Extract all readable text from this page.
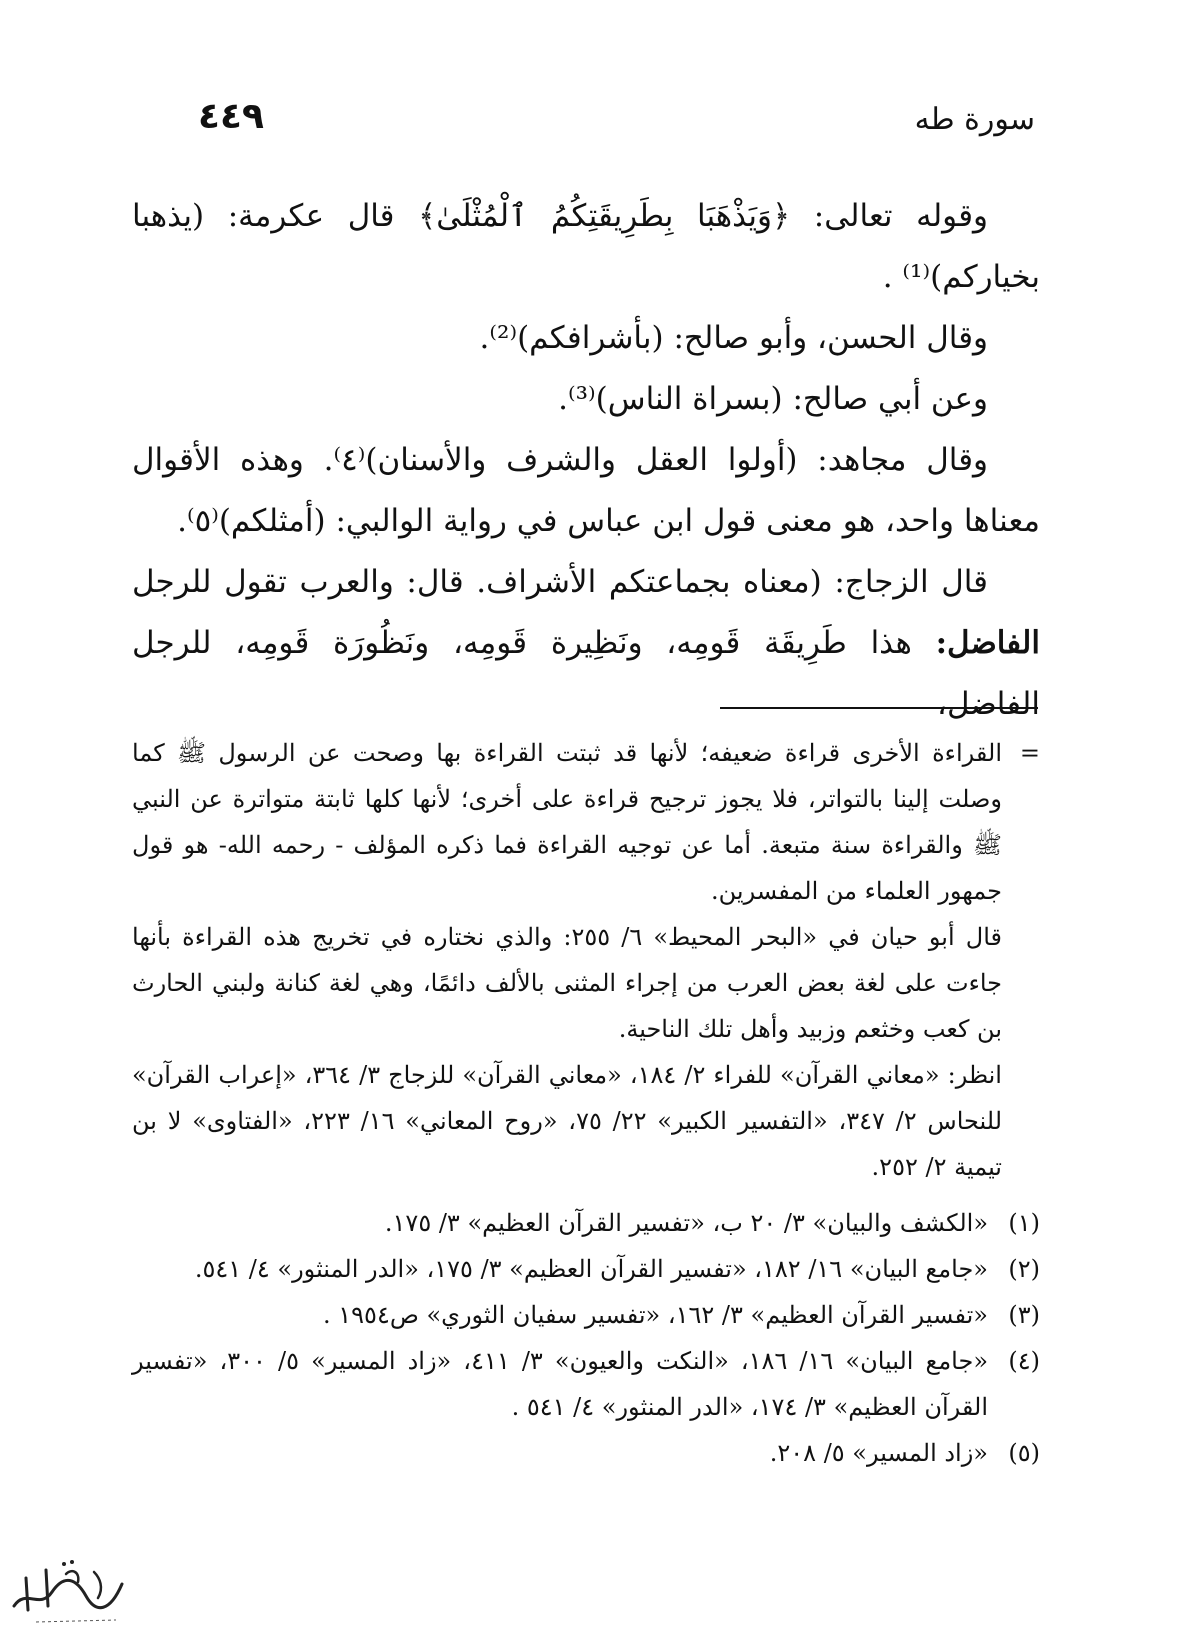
سورة طه
٤٤٩

وقوله تعالى: ﴿وَيَذْهَبَا بِطَرِيقَتِكُمُ ٱلْمُثْلَىٰ﴾ قال عكرمة: (يذهبا بخياركم)⁽¹⁾ .

وقال الحسن، وأبو صالح: (بأشرافكم)⁽²⁾.

وعن أبي صالح: (بسراة الناس)⁽³⁾.

وقال مجاهد: (أولوا العقل والشرف والأسنان)⁽٤⁾. وهذه الأقوال معناها واحد، هو معنى قول ابن عباس في رواية الوالبي: (أمثلكم)⁽٥⁾.

قال الزجاج: (معناه بجماعتكم الأشراف. قال: والعرب تقول للرجل الفاضل: هذا طَرِيقَة قَومِه، ونَظِيرة قَومِه، ونَظُورَة قَومِه، للرجل الفاضل،

=

القراءة الأخرى قراءة ضعيفه؛ لأنها قد ثبتت القراءة بها وصحت عن الرسول ﷺ كما وصلت إلينا بالتواتر، فلا يجوز ترجيح قراءة على أخرى؛ لأنها كلها ثابتة متواترة عن النبي ﷺ والقراءة سنة متبعة. أما عن توجيه القراءة فما ذكره المؤلف - رحمه الله- هو قول جمهور العلماء من المفسرين.

قال أبو حيان في «البحر المحيط» ٦/ ٢٥٥: والذي نختاره في تخريج هذه القراءة بأنها جاءت على لغة بعض العرب من إجراء المثنى بالألف دائمًا، وهي لغة كنانة ولبني الحارث بن كعب وخثعم وزبيد وأهل تلك الناحية.

انظر: «معاني القرآن» للفراء ٢/ ١٨٤، «معاني القرآن» للزجاج ٣/ ٣٦٤، «إعراب القرآن» للنحاس ٢/ ٣٤٧، «التفسير الكبير» ٢٢/ ٧٥، «روح المعاني» ١٦/ ٢٢٣، «الفتاوى» لا بن تيمية ٢/ ٢٥٢.

(١)
«الكشف والبيان» ٣/ ٢٠ ب، «تفسير القرآن العظيم» ٣/ ١٧٥.
(٢)
«جامع البيان» ١٦/ ١٨٢، «تفسير القرآن العظيم» ٣/ ١٧٥، «الدر المنثور» ٤/ ٥٤١.
(٣)
«تفسير القرآن العظيم» ٣/ ١٦٢، «تفسير سفيان الثوري» ص١٩٥٤ .
(٤)
«جامع البيان» ١٦/ ١٨٦، «النكت والعيون» ٣/ ٤١١، «زاد المسير» ٥/ ٣٠٠، «تفسير القرآن العظيم» ٣/ ١٧٤، «الدر المنثور» ٤/ ٥٤١ .
(٥)
«زاد المسير» ٥/ ٢٠٨.
